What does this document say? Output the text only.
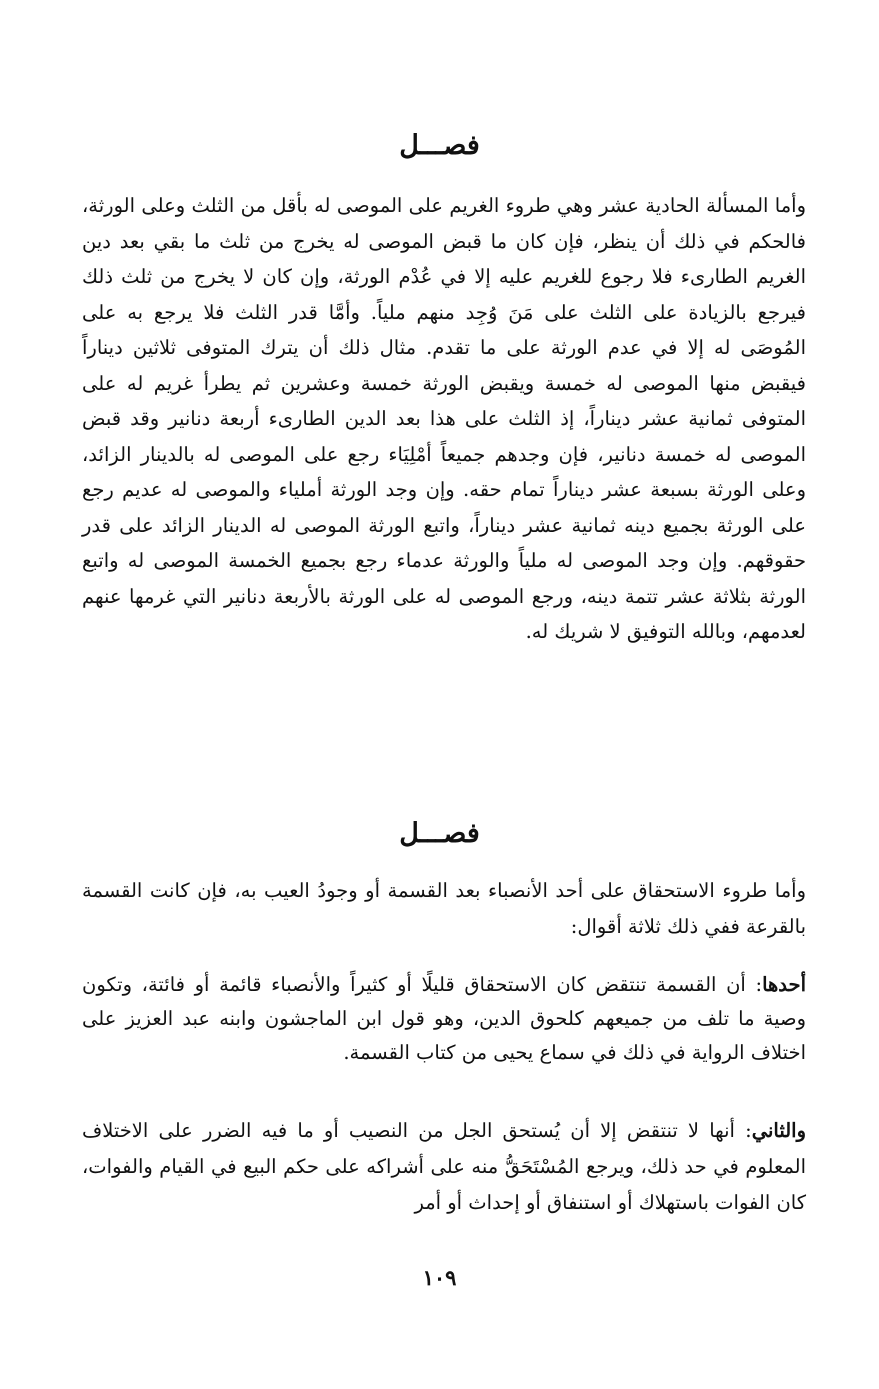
فصـــل
وأما المسألة الحادية عشر وهي طروء الغريم على الموصى له بأقل من الثلث وعلى الورثة، فالحكم في ذلك أن ينظر، فإن كان ما قبض الموصى له يخرج من ثلث ما بقي بعد دين الغريم الطارىء فلا رجوع للغريم عليه إلا في عُدْم الورثة، وإن كان لا يخرج من ثلث ذلك فيرجع بالزيادة على الثلث على مَنَ وُجِد منهم ملياً. وأمَّا قدر الثلث فلا يرجع به على المُوصَى له إلا في عدم الورثة على ما تقدم. مثال ذلك أن يترك المتوفى ثلاثين ديناراً فيقبض منها الموصى له خمسة ويقبض الورثة خمسة وعشرين ثم يطرأ غريم له على المتوفى ثمانية عشر ديناراً، إذ الثلث على هذا بعد الدين الطارىء أربعة دنانير وقد قبض الموصى له خمسة دنانير، فإن وجدهم جميعاً أمْلِيَاء رجع على الموصى له بالدينار الزائد، وعلى الورثة بسبعة عشر ديناراً تمام حقه. وإن وجد الورثة أملياء والموصى له عديم رجع على الورثة بجميع دينه ثمانية عشر ديناراً، واتبع الورثة الموصى له الدينار الزائد على قدر حقوقهم. وإن وجد الموصى له ملياً والورثة عدماء رجع بجميع الخمسة الموصى له واتبع الورثة بثلاثة عشر تتمة دينه، ورجع الموصى له على الورثة بالأربعة دنانير التي غرمها عنهم لعدمهم، وبالله التوفيق لا شريك له.
فصـــل
وأما طروء الاستحقاق على أحد الأنصباء بعد القسمة أو وجودُ العيب به، فإن كانت القسمة بالقرعة ففي ذلك ثلاثة أقوال:
أحدها: أن القسمة تنتقض كان الاستحقاق قليلًا أو كثيراً والأنصباء قائمة أو فائتة، وتكون وصية ما تلف من جميعهم كلحوق الدين، وهو قول ابن الماجشون وابنه عبد العزيز على اختلاف الرواية في ذلك في سماع يحيى من كتاب القسمة.
والثاني: أنها لا تنتقض إلا أن يُستحق الجل من النصيب أو ما فيه الضرر على الاختلاف المعلوم في حد ذلك، ويرجع المُسْتَحَقُّ منه على أشراكه على حكم البيع في القيام والفوات، كان الفوات باستهلاك أو استنفاق أو إحداث أو أمر
١٠٩
